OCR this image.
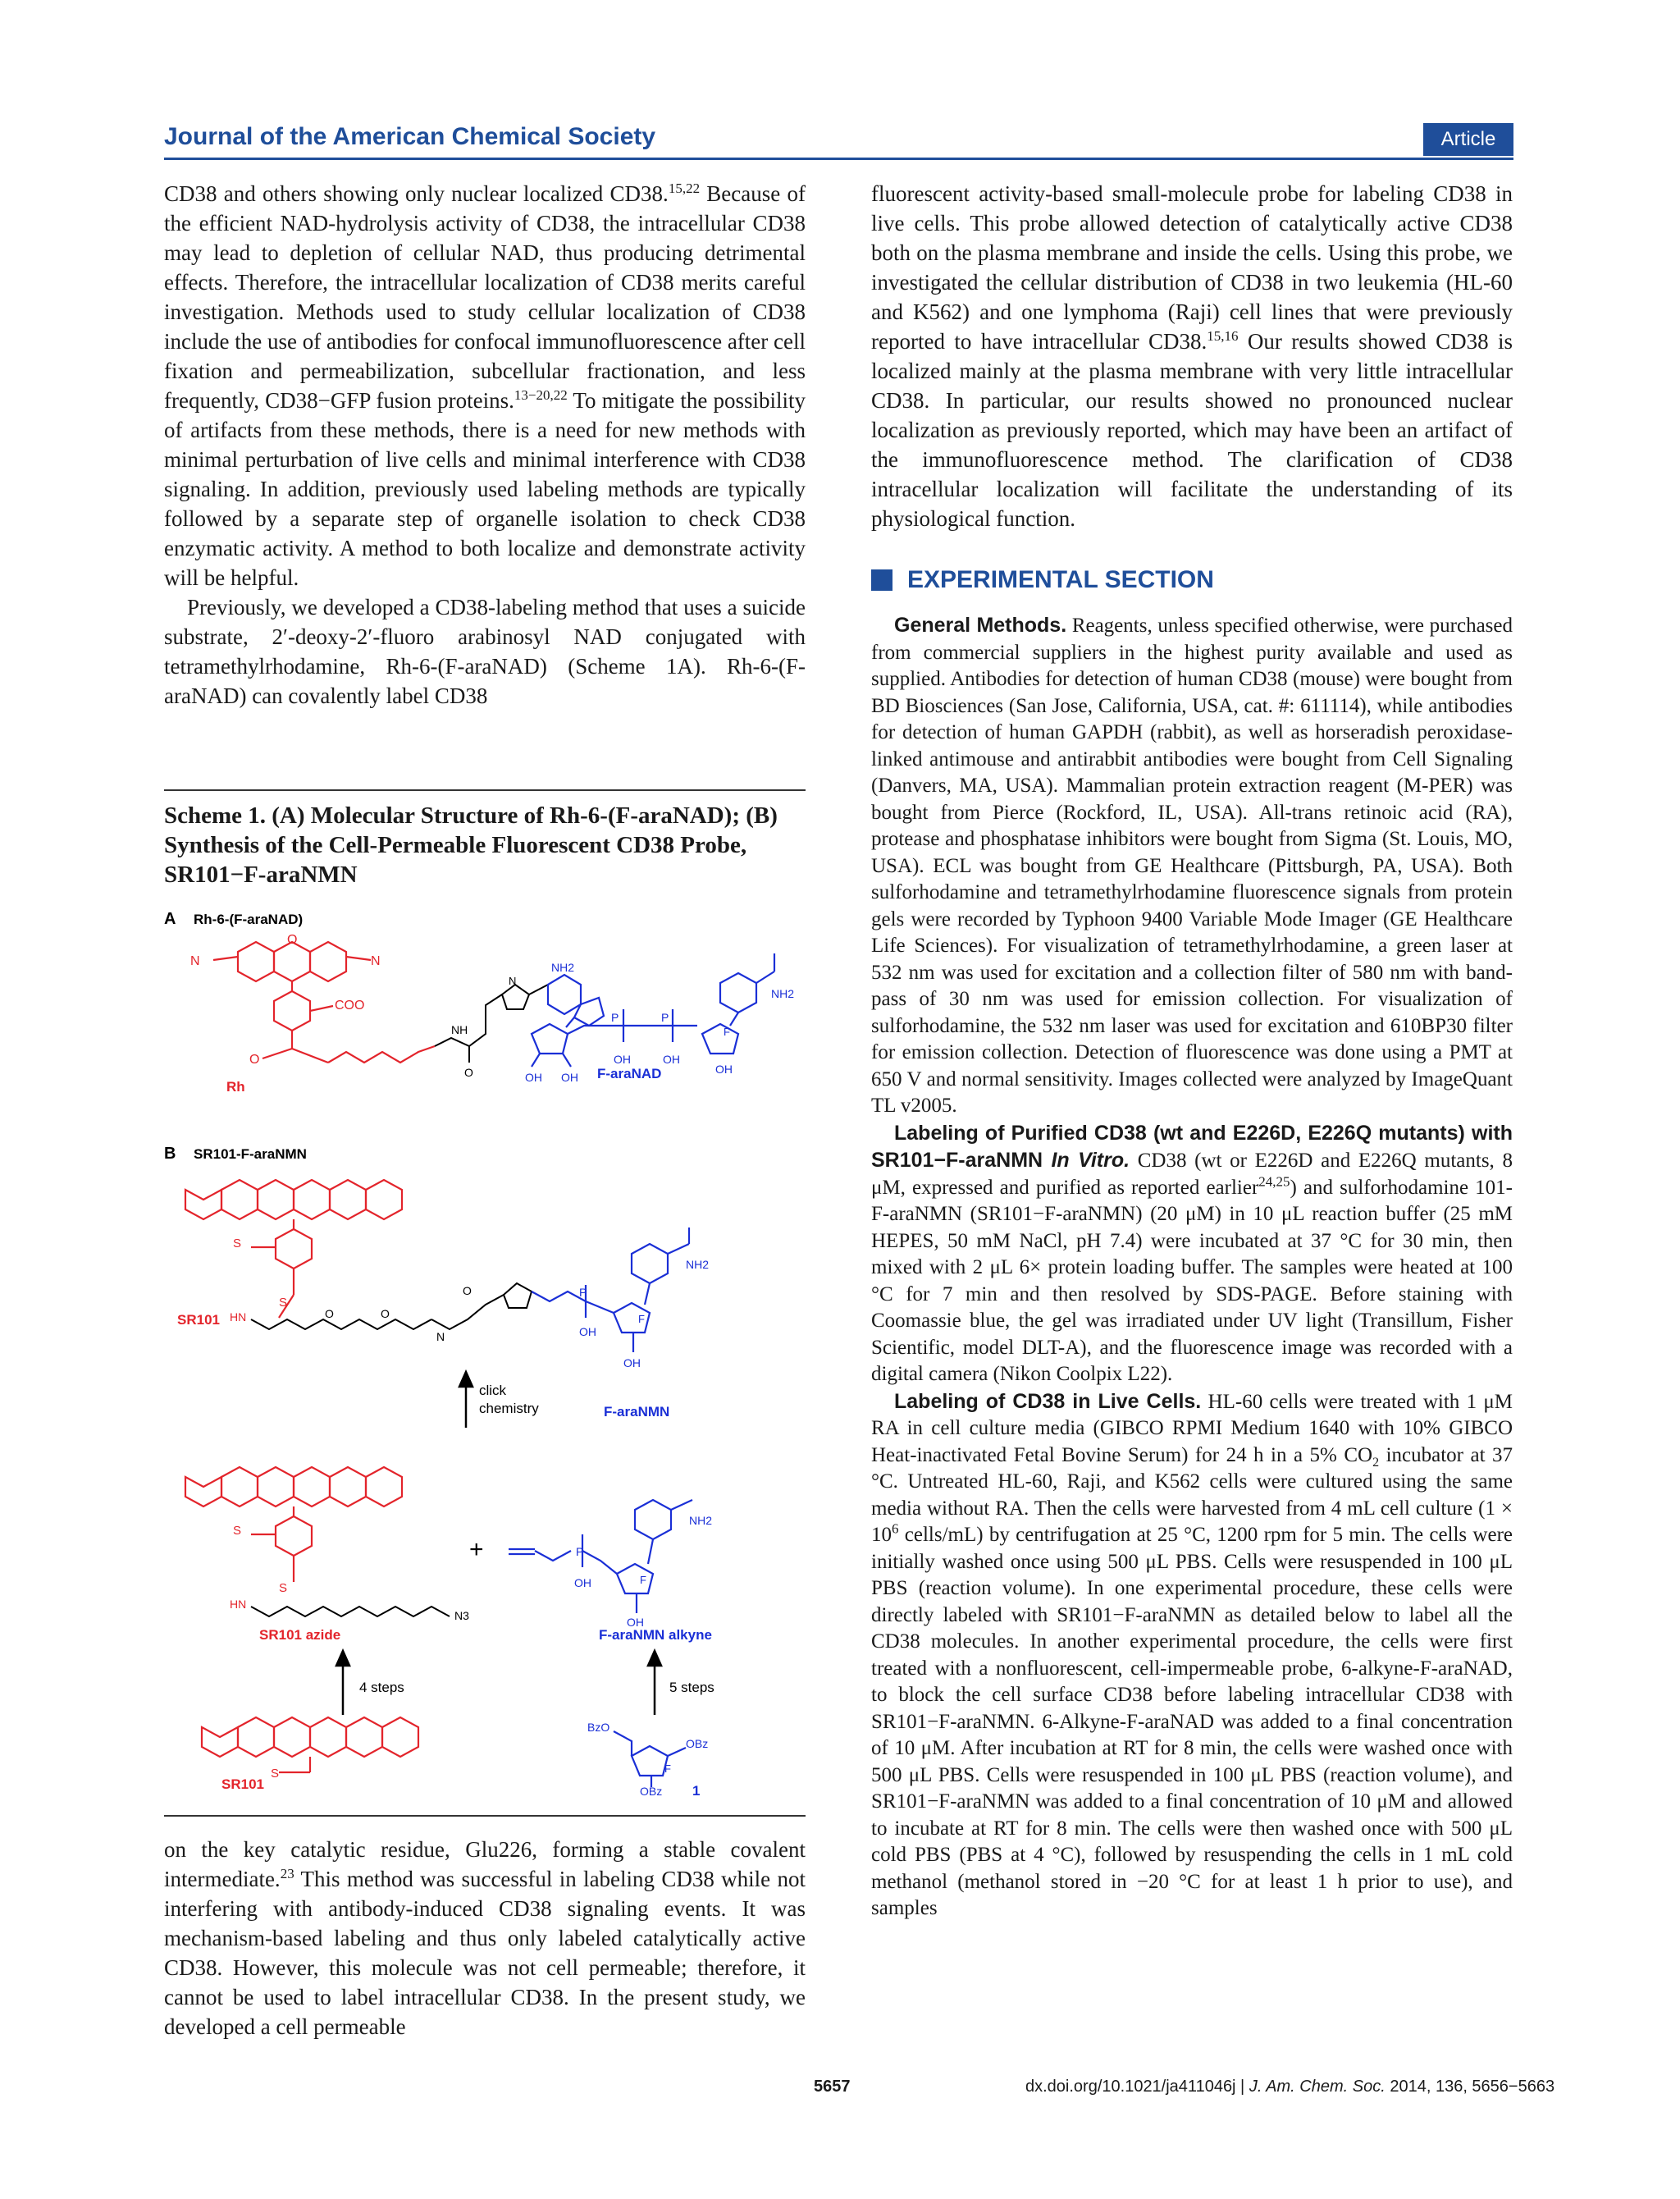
Journal of the American Chemical Society	Article

CD38 and others showing only nuclear localized CD38.$^{15,22}$ Because of the efficient NAD-hydrolysis activity of CD38, the intracellular CD38 may lead to depletion of cellular NAD, thus producing detrimental effects. Therefore, the intracellular localization of CD38 merits careful investigation. Methods used to study cellular localization of CD38 include the use of antibodies for confocal immunofluorescence after cell fixation and permeabilization, subcellular fractionation, and less frequently, CD38−GFP fusion proteins.$^{13-20,22}$ To mitigate the possibility of artifacts from these methods, there is a need for new methods with minimal perturbation of live cells and minimal interference with CD38 signaling. In addition, previously used labeling methods are typically followed by a separate step of organelle isolation to check CD38 enzymatic activity. A method to both localize and demonstrate activity will be helpful.

Previously, we developed a CD38-labeling method that uses a suicide substrate, 2′-deoxy-2′-fluoro arabinosyl NAD conjugated with tetramethylrhodamine, Rh-6-(F-araNAD) (Scheme 1A). Rh-6-(F-araNAD) can covalently label CD38

Scheme 1. (A) Molecular Structure of Rh-6-(F-araNAD); (B) Synthesis of the Cell-Permeable Fluorescent CD38 Probe, SR101−F-araNMN

A Rh-6-(F-araNAD)
N	N
O
COO
O
Rh
NH
O
N
NH2
OH	OH
OH OH
OH
F
NH2
P	P
F-araNAD
B SR101-F-araNMN
S
S
HN
SR101	O	O
N
O	P
OH
F
NH2
OH
click
chemistry	F-araNMN
S
S
HN
N3
SR101 azide
+	P
OH	F
NH2
OH
F-araNMN alkyne
4 steps	5 steps
S
SR101
BzO
OBz
F
OBz 1

on the key catalytic residue, Glu226, forming a stable covalent intermediate.$^{23}$ This method was successful in labeling CD38 while not interfering with antibody-induced CD38 signaling events. It was mechanism-based labeling and thus only labeled catalytically active CD38. However, this molecule was not cell permeable; therefore, it cannot be used to label intracellular CD38. In the present study, we developed a cell permeable

fluorescent activity-based small-molecule probe for labeling CD38 in live cells. This probe allowed detection of catalytically active CD38 both on the plasma membrane and inside the cells. Using this probe, we investigated the cellular distribution of CD38 in two leukemia (HL-60 and K562) and one lymphoma (Raji) cell lines that were previously reported to have intracellular CD38.$^{15,16}$ Our results showed CD38 is localized mainly at the plasma membrane with very little intracellular CD38. In particular, our results showed no pronounced nuclear localization as previously reported, which may have been an artifact of the immunofluorescence method. The clarification of CD38 intracellular localization will facilitate the understanding of its physiological function.

EXPERIMENTAL SECTION

General Methods. Reagents, unless specified otherwise, were purchased from commercial suppliers in the highest purity available and used as supplied. Antibodies for detection of human CD38 (mouse) were bought from BD Biosciences (San Jose, California, USA, cat. #: 611114), while antibodies for detection of human GAPDH (rabbit), as well as horseradish peroxidase-linked antimouse and antirabbit antibodies were bought from Cell Signaling (Danvers, MA, USA). Mammalian protein extraction reagent (M-PER) was bought from Pierce (Rockford, IL, USA). All-trans retinoic acid (RA), protease and phosphatase inhibitors were bought from Sigma (St. Louis, MO, USA). ECL was bought from GE Healthcare (Pittsburgh, PA, USA). Both sulforhodamine and tetramethylrhodamine fluorescence signals from protein gels were recorded by Typhoon 9400 Variable Mode Imager (GE Healthcare Life Sciences). For visualization of tetramethylrhodamine, a green laser at 532 nm was used for excitation and a collection filter of 580 nm with band-pass of 30 nm was used for emission collection. For visualization of sulforhodamine, the 532 nm laser was used for excitation and 610BP30 filter for emission collection. Detection of fluorescence was done using a PMT at 650 V and normal sensitivity. Images collected were analyzed by ImageQuant TL v2005.

Labeling of Purified CD38 (wt and E226D, E226Q mutants) with SR101−F-araNMN In Vitro. CD38 (wt or E226D and E226Q mutants, 8 μM, expressed and purified as reported earlier$^{24,25}$) and sulforhodamine 101-F-araNMN (SR101−F-araNMN) (20 μM) in 10 μL reaction buffer (25 mM HEPES, 50 mM NaCl, pH 7.4) were incubated at 37 °C for 30 min, then mixed with 2 μL 6× protein loading buffer. The samples were heated at 100 °C for 7 min and then resolved by SDS-PAGE. Before staining with Coomassie blue, the gel was irradiated under UV light (Transillum, Fisher Scientific, model DLT-A), and the fluorescence image was recorded with a digital camera (Nikon Coolpix L22).

Labeling of CD38 in Live Cells. HL-60 cells were treated with 1 μM RA in cell culture media (GIBCO RPMI Medium 1640 with 10% GIBCO Heat-inactivated Fetal Bovine Serum) for 24 h in a 5% $CO_2$ incubator at 37 °C. Untreated HL-60, Raji, and K562 cells were cultured using the same media without RA. Then the cells were harvested from 4 mL cell culture ($1 \times 10^6$ cells/mL) by centrifugation at 25 °C, 1200 rpm for 5 min. The cells were initially washed once using 500 μL PBS. Cells were resuspended in 100 μL PBS (reaction volume). In one experimental procedure, these cells were directly labeled with SR101−F-araNMN as detailed below to label all the CD38 molecules. In another experimental procedure, the cells were first treated with a nonfluorescent, cell-impermeable probe, 6-alkyne-F-araNAD, to block the cell surface CD38 before labeling intracellular CD38 with SR101−F-araNMN. 6-Alkyne-F-araNAD was added to a final concentration of 10 μM. After incubation at RT for 8 min, the cells were washed once with 500 μL PBS. Cells were resuspended in 100 μL PBS (reaction volume), and SR101−F-araNMN was added to a final concentration of 10 μM and allowed to incubate at RT for 8 min. The cells were then washed once with 500 μL cold PBS (PBS at 4 °C), followed by resuspending the cells in 1 mL cold methanol (methanol stored in −20 °C for at least 1 h prior to use), and samples

5657	dx.doi.org/10.1021/ja411046j | J. Am. Chem. Soc. 2014, 136, 5656−5663
